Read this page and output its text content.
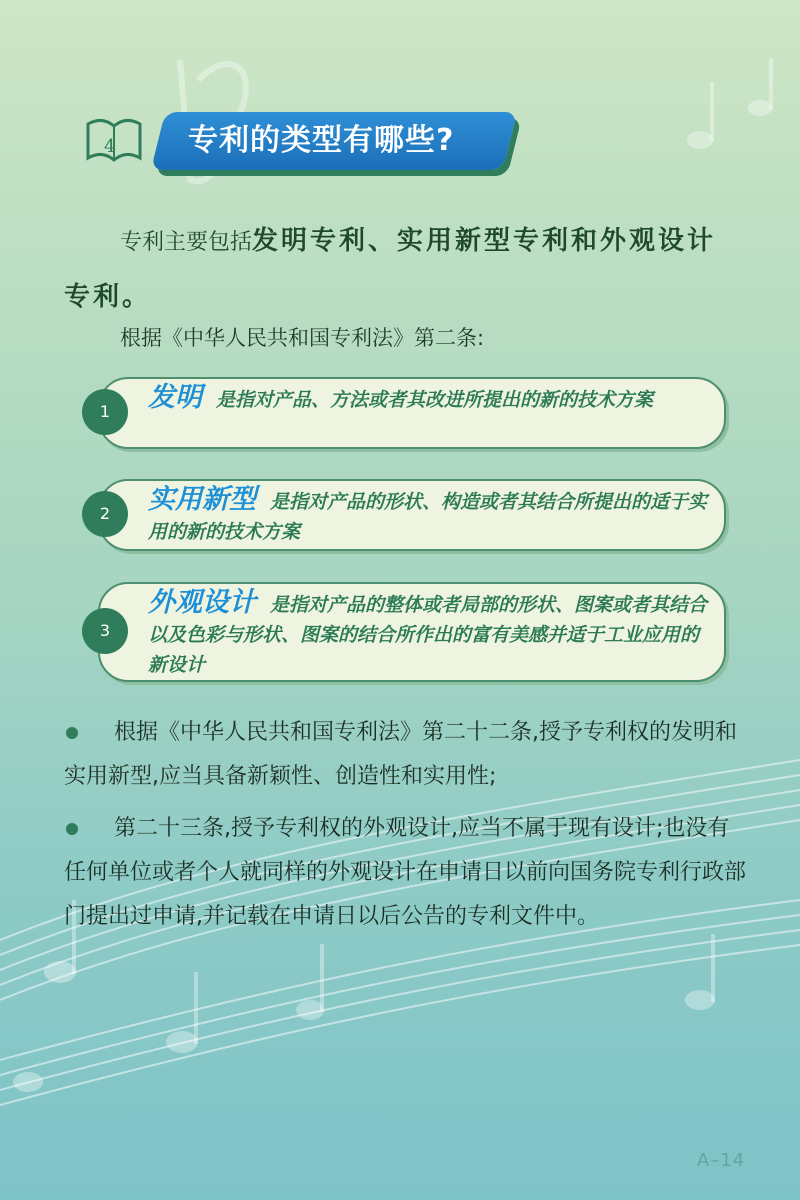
4 专利的类型有哪些?
专利主要包括发明专利、实用新型专利和外观设计专利。
根据《中华人民共和国专利法》第二条:
发明 是指对产品、方法或者其改进所提出的新的技术方案
1
实用新型 是指对产品的形状、构造或者其结合所提出的适于实用的新的技术方案
2
外观设计 是指对产品的整体或者局部的形状、图案或者其结合以及色彩与形状、图案的结合所作出的富有美感并适于工业应用的新设计
3
根据《中华人民共和国专利法》第二十二条,授予专利权的发明和实用新型,应当具备新颖性、创造性和实用性;
第二十三条,授予专利权的外观设计,应当不属于现有设计;也没有任何单位或者个人就同样的外观设计在申请日以前向国务院专利行政部门提出过申请,并记载在申请日以后公告的专利文件中。
A–14
